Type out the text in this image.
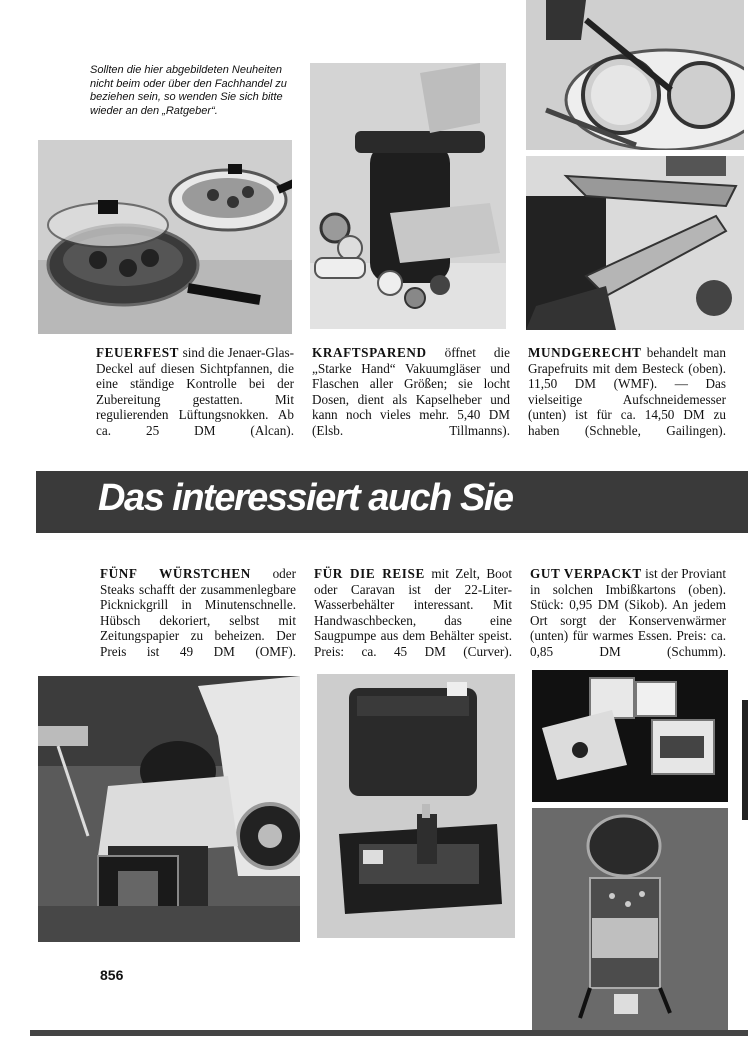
Sollten die hier abgebildeten Neuheiten nicht beim oder über den Fachhandel zu beziehen sein, so wenden Sie sich bitte wieder an den „Ratgeber“.
FEUERFEST sind die Jenaer-Glas-Deckel auf diesen Sichtpfannen, die eine ständige Kontrolle bei der Zubereitung gestatten. Mit regulierenden Lüftungsnokken. Ab ca. 25 DM (Alcan).
KRAFTSPAREND öffnet die „Starke Hand“ Vakuumgläser und Flaschen aller Größen; sie locht Dosen, dient als Kapselheber und kann noch vieles mehr. 5,40 DM (Elsb. Tillmanns).
MUNDGERECHT behandelt man Grapefruits mit dem Besteck (oben). 11,50 DM (WMF). — Das vielseitige Aufschneidemesser (unten) ist für ca. 14,50 DM zu haben (Schneble, Gailingen).
Das interessiert auch Sie
FÜNF WÜRSTCHEN oder Steaks schafft der zusammenlegbare Picknickgrill in Minutenschnelle. Hübsch dekoriert, selbst mit Zeitungspapier zu beheizen. Der Preis ist 49 DM (OMF).
FÜR DIE REISE mit Zelt, Boot oder Caravan ist der 22-Liter-Wasserbehälter interessant. Mit Handwaschbecken, das eine Saugpumpe aus dem Behälter speist. Preis: ca. 45 DM (Curver).
GUT VERPACKT ist der Proviant in solchen Imbißkartons (oben). Stück: 0,95 DM (Sikob). An jedem Ort sorgt der Konservenwärmer (unten) für warmes Essen. Preis: ca. 0,85 DM (Schumm).
856
